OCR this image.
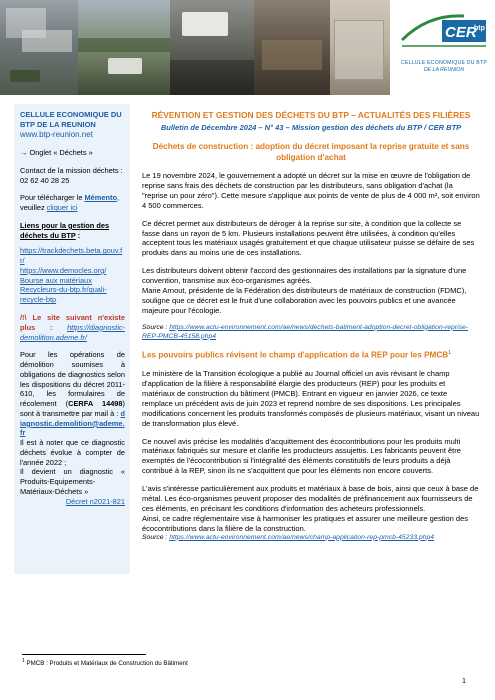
CER
btp
CELLULE ECONOMIQUE DU BTP
DE LA REUNION
CELLULE ECONOMIQUE DU BTP DE LA REUNION
www.btp-reunion.net
→ Onglet « Déchets »
Contact de la mission déchets : 02 62 40 28 25
Pour télécharger le Mémento, veuillez cliquer ici
Liens pour la gestion des déchets du BTP :
https://trackdechets.beta.gouv.fr/
https://www.democles.org/
Bourse aux matériaux
Recycleurs-du-btp.fr/quali-recycle-btp
/!\ Le site suivant n'existe plus : https://diagnostic-demolition.ademe.fr/
Pour les opérations de démolition soumises à obligations de diagnostics selon les dispositions du décret 2011-610, les formulaires de récolement (CERFA 14498) sont à transmettre par mail à : diagnostic.demolition@ademe.fr
Il est à noter que ce diagnostic déchets évolue à compter de l'année 2022 ;
Il devient un diagnostic « Produits-Equipements-Matériaux-Déchets »
Décret n2021-821
RÉVENTION ET GESTION DES DÉCHETS DU BTP – ACTUALITÉS DES FILIÈRES
Bulletin de Décembre 2024 – N° 43 – Mission gestion des déchets du BTP / CER BTP
Déchets de construction : adoption du décret imposant la reprise gratuite et sans obligation d'achat
Le 19 novembre 2024, le gouvernement a adopté un décret sur la mise en œuvre de l'obligation de reprise sans frais des déchets de construction par les distributeurs, sans obligation d'achat (la "reprise un pour zéro"). Cette mesure s'applique aux points de vente de plus de 4 000 m², soit environ 4 500 commerces.
Ce décret permet aux distributeurs de déroger à la reprise sur site, à condition que la collecte se fasse dans un rayon de 5 km. Plusieurs installations peuvent être utilisées, à condition qu'elles acceptent tous les matériaux usagés gratuitement et que chaque utilisateur puisse se défaire de ses produits dans au moins une de ces installations.
Les distributeurs doivent obtenir l'accord des gestionnaires des installations par la signature d'une convention, transmise aux éco-organismes agréés.
Marie Arnout, présidente de la Fédération des distributeurs de matériaux de construction (FDMC), souligne que ce décret est le fruit d'une collaboration avec les pouvoirs publics et une avancée majeure pour l'écologie.
Source : https://www.actu-environnement.com/ae/news/dechets-batiment-adoption-decret-obligation-reprise-REP-PMCB-45158.php4
Les pouvoirs publics révisent le champ d'application de la REP pour les PMCB$^1$
Le ministère de la Transition écologique a publié au Journal officiel un avis révisant le champ d'application de la filière à responsabilité élargie des producteurs (REP) pour les produits et matériaux de construction du bâtiment (PMCB). Entrant en vigueur en janvier 2026, ce texte remplace un précédent avis de juin 2023 et reprend nombre de ses dispositions. Les principales modifications concernent les produits transformés composés de plusieurs matériaux, visant un niveau de transformation plus élevé.
Ce nouvel avis précise les modalités d'acquittement des écocontributions pour les produits multi matériaux fabriqués sur mesure et clarifie les producteurs assujettis. Les fabricants peuvent être exemptés de l'écocontribution si l'intégralité des éléments constitutifs de leurs produits a déjà contribué à la REP, sinon ils ne s'acquittent que pour les éléments non encore couverts.
L'avis s'intéresse particulièrement aux produits et matériaux à base de bois, ainsi que ceux à base de métal. Les éco-organismes peuvent proposer des modalités de préfinancement aux fournisseurs de ces éléments, en précisant les conditions d'information des acheteurs professionnels.
Ainsi, ce cadre réglementaire vise à harmoniser les pratiques et assurer une meilleure gestion des écocontributions dans la filière de la construction.
Source : https://www.actu-environnement.com/ae/news/champ-application-rep-pmcb-45233.php4
$^1$ PMCB : Produits et Matériaux de Construction du Bâtiment
1
